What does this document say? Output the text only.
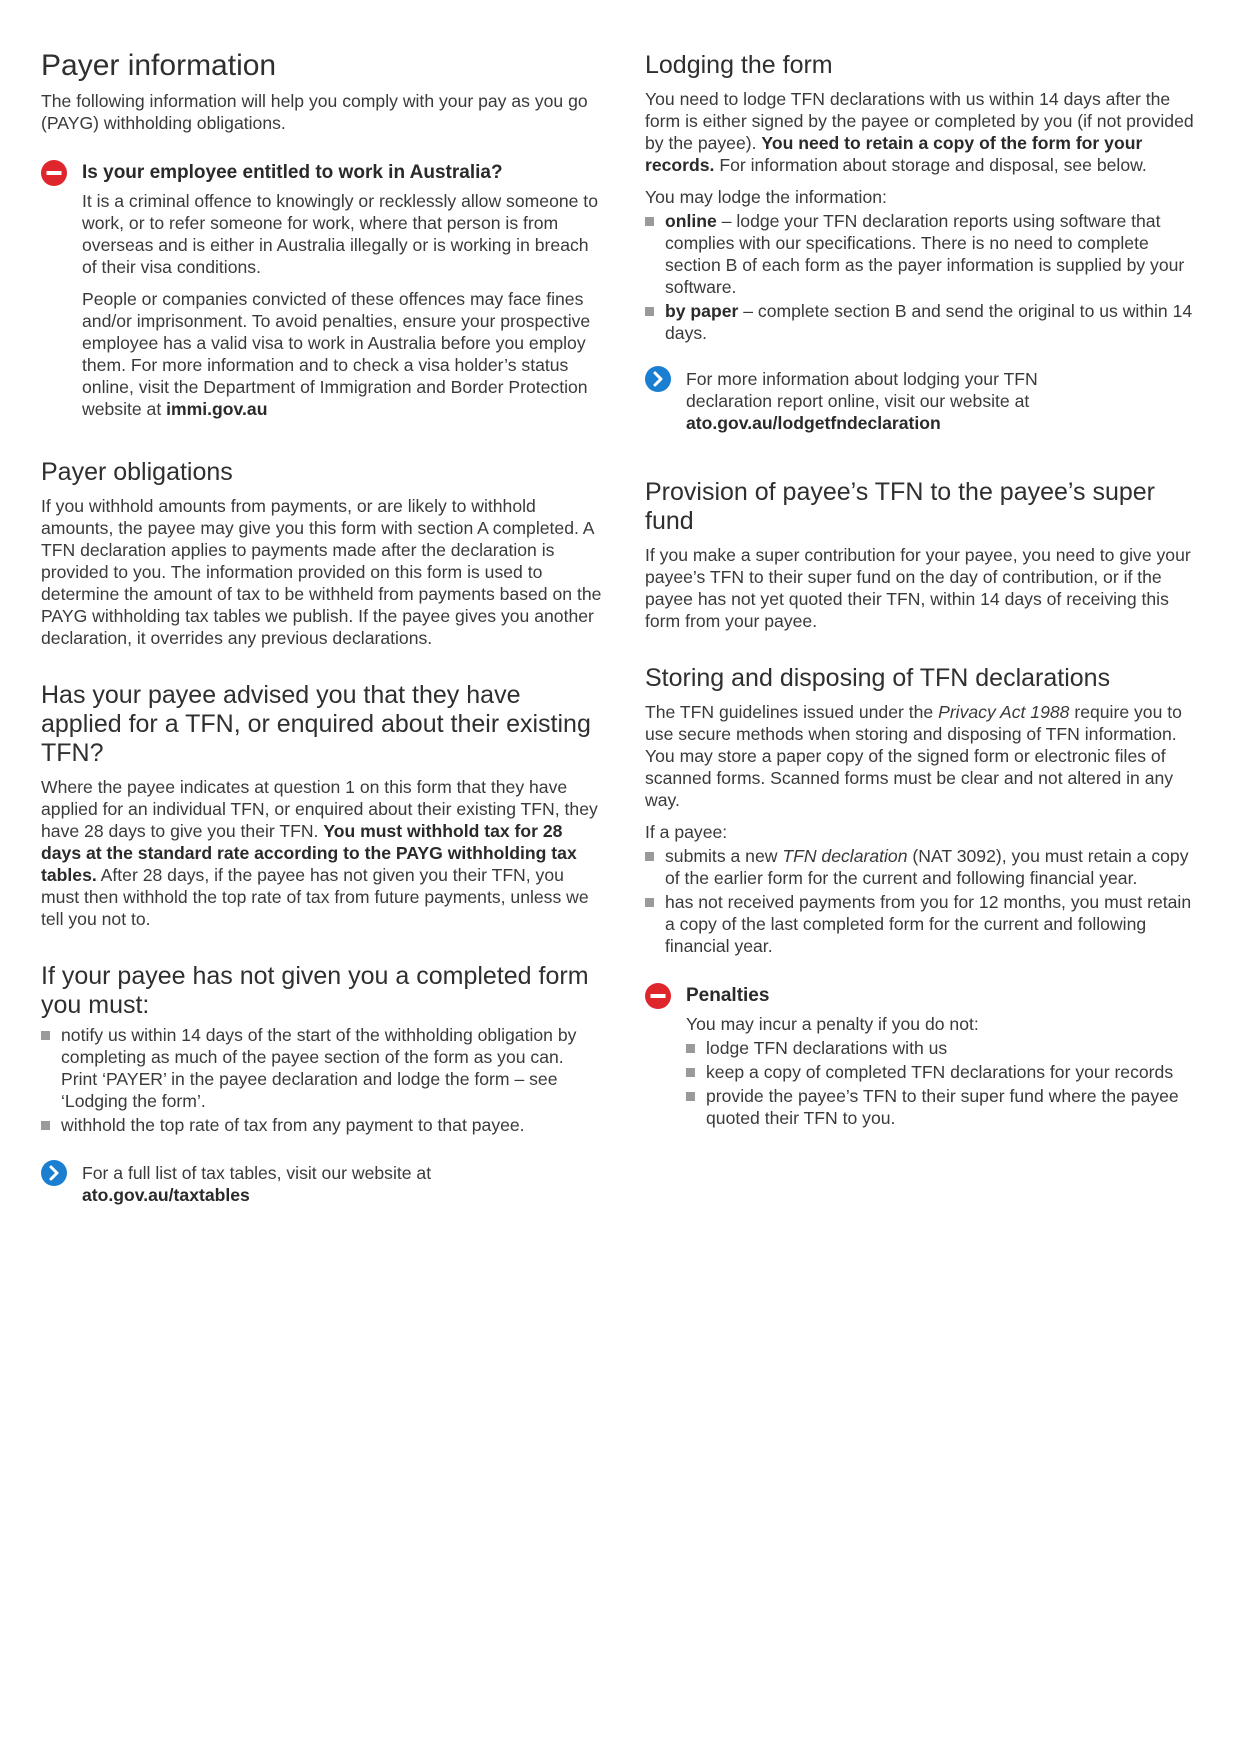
Payer information

The following information will help you comply with your pay as you go (PAYG) withholding obligations.

Is your employee entitled to work in Australia?

It is a criminal offence to knowingly or recklessly allow someone to work, or to refer someone for work, where that person is from overseas and is either in Australia illegally or is working in breach of their visa conditions.

People or companies convicted of these offences may face fines and/or imprisonment. To avoid penalties, ensure your prospective employee has a valid visa to work in Australia before you employ them. For more information and to check a visa holder’s status online, visit the Department of Immigration and Border Protection website at immi.gov.au

Payer obligations

If you withhold amounts from payments, or are likely to withhold amounts, the payee may give you this form with section A completed. A TFN declaration applies to payments made after the declaration is provided to you. The information provided on this form is used to determine the amount of tax to be withheld from payments based on the PAYG withholding tax tables we publish. If the payee gives you another declaration, it overrides any previous declarations.

Has your payee advised you that they have applied for a TFN, or enquired about their existing TFN?

Where the payee indicates at question 1 on this form that they have applied for an individual TFN, or enquired about their existing TFN, they have 28 days to give you their TFN. You must withhold tax for 28 days at the standard rate according to the PAYG withholding tax tables. After 28 days, if the payee has not given you their TFN, you must then withhold the top rate of tax from future payments, unless we tell you not to.

If your payee has not given you a completed form you must:
notify us within 14 days of the start of the withholding obligation by completing as much of the payee section of the form as you can. Print ‘PAYER’ in the payee declaration and lodge the form – see ‘Lodging the form’.
withhold the top rate of tax from any payment to that payee.
For a full list of tax tables, visit our website at
ato.gov.au/taxtables
Lodging the form

You need to lodge TFN declarations with us within 14 days after the form is either signed by the payee or completed by you (if not provided by the payee). You need to retain a copy of the form for your records. For information about storage and disposal, see below.

You may lodge the information:

online – lodge your TFN declaration reports using software that complies with our specifications. There is no need to complete section B of each form as the payer information is supplied by your software.
by paper – complete section B and send the original to us within 14 days.
For more information about lodging your TFN declaration report online, visit our website at ato.gov.au/lodgetfndeclaration
Provision of payee’s TFN to the payee’s super fund

If you make a super contribution for your payee, you need to give your payee’s TFN to their super fund on the day of contribution, or if the payee has not yet quoted their TFN, within 14 days of receiving this form from your payee.

Storing and disposing of TFN declarations

The TFN guidelines issued under the Privacy Act 1988 require you to use secure methods when storing and disposing of TFN information. You may store a paper copy of the signed form or electronic files of scanned forms. Scanned forms must be clear and not altered in any way.

If a payee:

submits a new TFN declaration (NAT 3092), you must retain a copy of the earlier form for the current and following financial year.
has not received payments from you for 12 months, you must retain a copy of the last completed form for the current and following financial year.
Penalties

You may incur a penalty if you do not:

lodge TFN declarations with us
keep a copy of completed TFN declarations for your records
provide the payee’s TFN to their super fund where the payee quoted their TFN to you.
